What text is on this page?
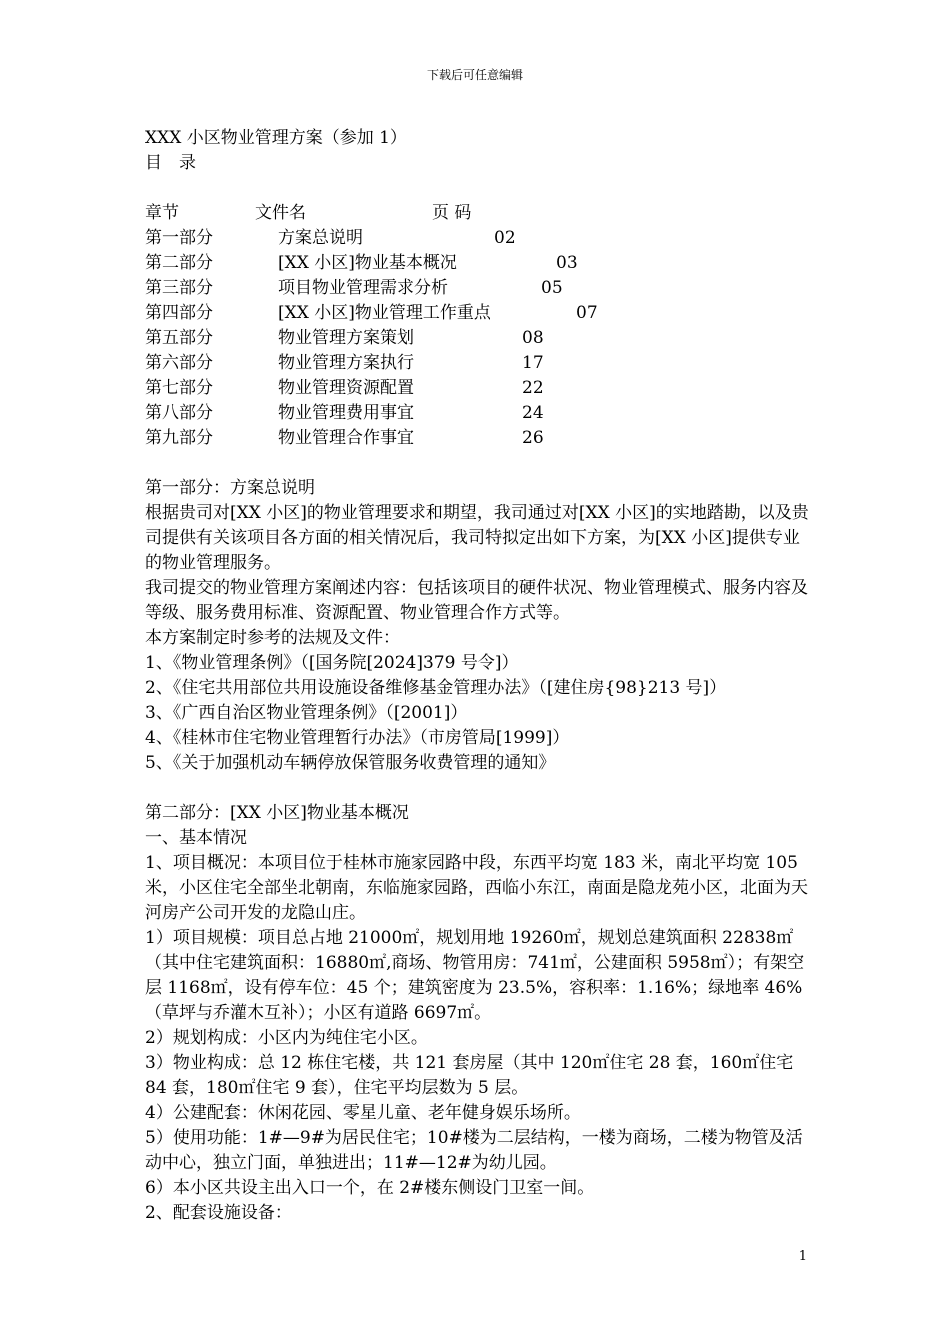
下载后可任意编辑

XXX 小区物业管理方案（参加 1）

目　录

章节	文件名	页 码
第一部分	方案总说明	02
第二部分	[XX 小区]物业基本概况	03
第三部分	项目物业管理需求分析	05
第四部分	[XX 小区]物业管理工作重点	07
第五部分	物业管理方案策划	08
第六部分	物业管理方案执行	17
第七部分	物业管理资源配置	22
第八部分	物业管理费用事宜	24
第九部分	物业管理合作事宜	26

第一部分：方案总说明

根据贵司对[XX 小区]的物业管理要求和期望，我司通过对[XX 小区]的实地踏勘，以及贵司提供有关该项目各方面的相关情况后，我司特拟定出如下方案，为[XX 小区]提供专业的物业管理服务。

我司提交的物业管理方案阐述内容：包括该项目的硬件状况、物业管理模式、服务内容及等级、服务费用标准、资源配置、物业管理合作方式等。

本方案制定时参考的法规及文件：

1、《物业管理条例》（[国务院[2024]379 号令]）

2、《住宅共用部位共用设施设备维修基金管理办法》（[建住房{98}213 号]）

3、《广西自治区物业管理条例》（[2001]）

4、《桂林市住宅物业管理暂行办法》（市房管局[1999]）

5、《关于加强机动车辆停放保管服务收费管理的通知》

第二部分：[XX 小区]物业基本概况

一、基本情况

1、项目概况：本项目位于桂林市施家园路中段，东西平均宽 183 米，南北平均宽 105 米，小区住宅全部坐北朝南，东临施家园路，西临小东江，南面是隐龙苑小区，北面为天河房产公司开发的龙隐山庄。

1）项目规模：项目总占地 21000㎡，规划用地 19260㎡，规划总建筑面积 22838㎡（其中住宅建筑面积：16880㎡,商场、物管用房：741㎡，公建面积 5958㎡）；有架空层 1168㎡，设有停车位：45 个；建筑密度为 23.5%，容积率：1.16%；绿地率 46%（草坪与乔灌木互补）；小区有道路 6697㎡。

2）规划构成：小区内为纯住宅小区。

3）物业构成：总 12 栋住宅楼，共 121 套房屋（其中 120㎡住宅 28 套，160㎡住宅 84 套，180㎡住宅 9 套），住宅平均层数为 5 层。

4）公建配套：休闲花园、零星儿童、老年健身娱乐场所。

5）使用功能：1#—9#为居民住宅；10#楼为二层结构，一楼为商场，二楼为物管及活动中心，独立门面，单独进出；11#—12#为幼儿园。

6）本小区共设主出入口一个，在 2#楼东侧设门卫室一间。

2、配套设施设备：

1
